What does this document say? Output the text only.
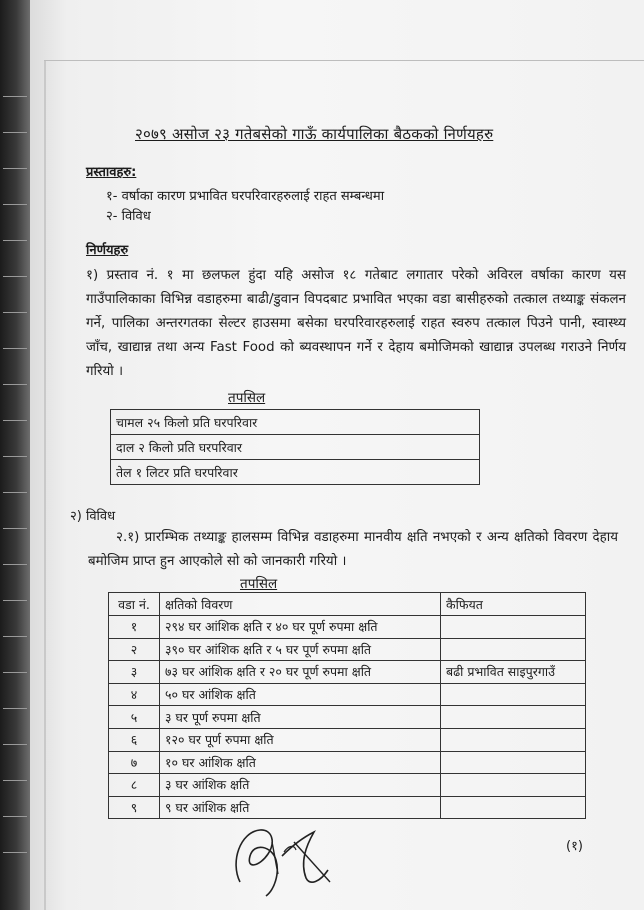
२०७९ असोज २३ गतेबसेको गाऊँ कार्यपालिका बैठकको निर्णयहरु
प्रस्तावहरु:
१- वर्षाका कारण प्रभावित घरपरिवारहरुलाई राहत सम्बन्धमा
२- विविध
निर्णयहरु
१) प्रस्ताव नं. १ मा छलफल हुंदा यहि असोज १८ गतेबाट लगातार परेको अविरल वर्षाका कारण यस गाउँपालिकाका विभिन्न वडाहरुमा बाढी/डुवान विपदबाट प्रभावित भएका वडा बासीहरुको तत्काल तथ्याङ्क संकलन गर्ने, पालिका अन्तरगतका सेल्टर हाउसमा बसेका घरपरिवारहरुलाई राहत स्वरुप तत्काल पिउने पानी, स्वास्थ्य जाँच, खाद्यान्न तथा अन्य Fast Food को ब्यवस्थापन गर्ने र देहाय बमोजिमको खाद्यान्न उपलब्ध गराउने निर्णय गरियो ।
तपसिल
चामल २५ किलो प्रति घरपरिवार
दाल २ किलो प्रति घरपरिवार
तेल १ लिटर प्रति घरपरिवार
२) विविध
२.१) प्रारम्भिक तथ्याङ्क हालसम्म विभिन्न वडाहरुमा मानवीय क्षति नभएको र अन्य क्षतिको विवरण देहाय बमोजिम प्राप्त हुन आएकोले सो को जानकारी गरियो ।
तपसिल
वडा नं.	क्षतिको विवरण	कैफियत
१	२९४ घर आंशिक क्षति र ४० घर पूर्ण रुपमा क्षति	
२	३९० घर आंशिक क्षति र ५ घर पूर्ण रुपमा क्षति	
३	७३ घर आंशिक क्षति र २० घर पूर्ण रुपमा क्षति	बढी प्रभावित साइपुरगाउँ
४	५० घर आंशिक क्षति	
५	३ घर पूर्ण रुपमा क्षति	
६	१२० घर पूर्ण रुपमा क्षति	
७	१० घर आंशिक क्षति	
८	३ घर आंशिक क्षति	
९	९ घर आंशिक क्षति	
(१)
